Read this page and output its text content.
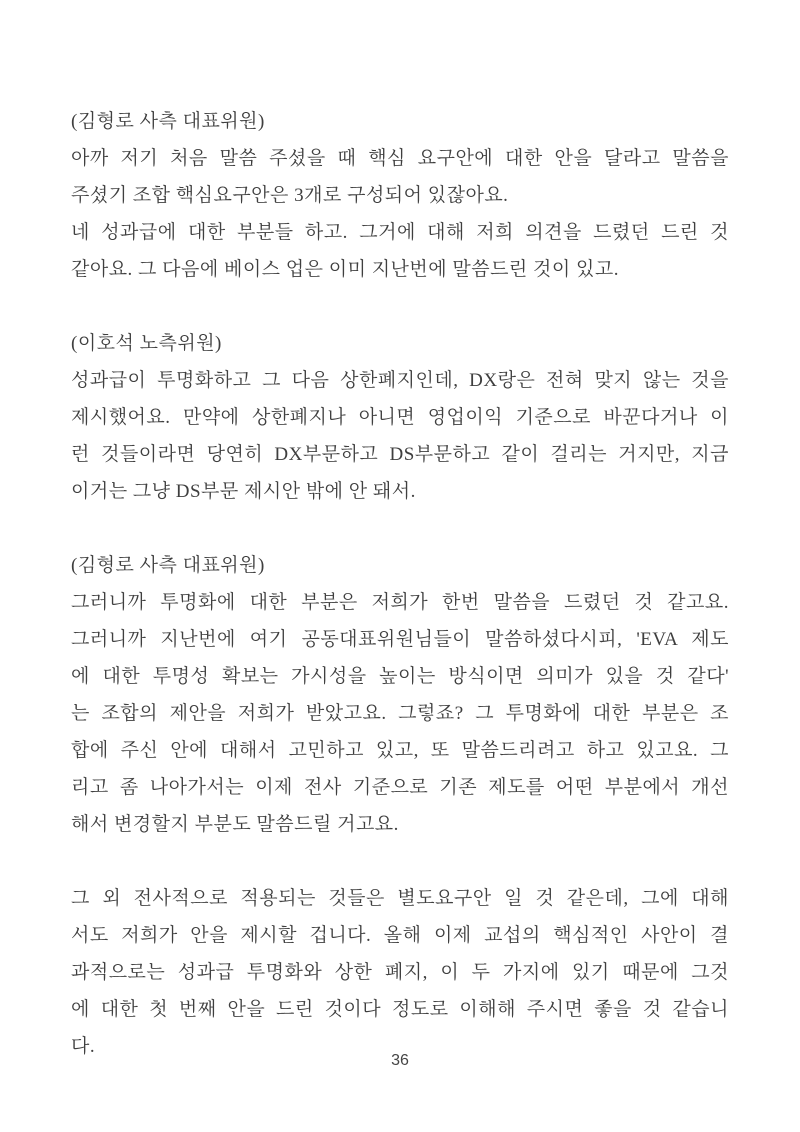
(김형로 사측 대표위원)
아까 저기 처음 말씀 주셨을 때 핵심 요구안에 대한 안을 달라고 말씀을
주셨기 조합 핵심요구안은 3개로 구성되어 있잖아요.
네 성과급에 대한 부분들 하고. 그거에 대해 저희 의견을 드렸던 드린 것
같아요. 그 다음에 베이스 업은 이미 지난번에 말씀드린 것이 있고.
(이호석 노측위원)
성과급이 투명화하고 그 다음 상한폐지인데, DX랑은 전혀 맞지 않는 것을
제시했어요. 만약에 상한폐지나 아니면 영업이익 기준으로 바꾼다거나 이
런 것들이라면 당연히 DX부문하고 DS부문하고 같이 걸리는 거지만, 지금
이거는 그냥 DS부문 제시안 밖에 안 돼서.
(김형로 사측 대표위원)
그러니까 투명화에 대한 부분은 저희가 한번 말씀을 드렸던 것 같고요.
그러니까 지난번에 여기 공동대표위원님들이 말씀하셨다시피, 'EVA 제도
에 대한 투명성 확보는 가시성을 높이는 방식이면 의미가 있을 것 같다'
는 조합의 제안을 저희가 받았고요. 그렇죠? 그 투명화에 대한 부분은 조
합에 주신 안에 대해서 고민하고 있고, 또 말씀드리려고 하고 있고요. 그
리고 좀 나아가서는 이제 전사 기준으로 기존 제도를 어떤 부분에서 개선
해서 변경할지 부분도 말씀드릴 거고요.
그 외 전사적으로 적용되는 것들은 별도요구안 일 것 같은데, 그에 대해
서도 저희가 안을 제시할 겁니다. 올해 이제 교섭의 핵심적인 사안이 결
과적으로는 성과급 투명화와 상한 폐지, 이 두 가지에 있기 때문에 그것
에 대한 첫 번째 안을 드린 것이다 정도로 이해해 주시면 좋을 것 같습니
다.
36
